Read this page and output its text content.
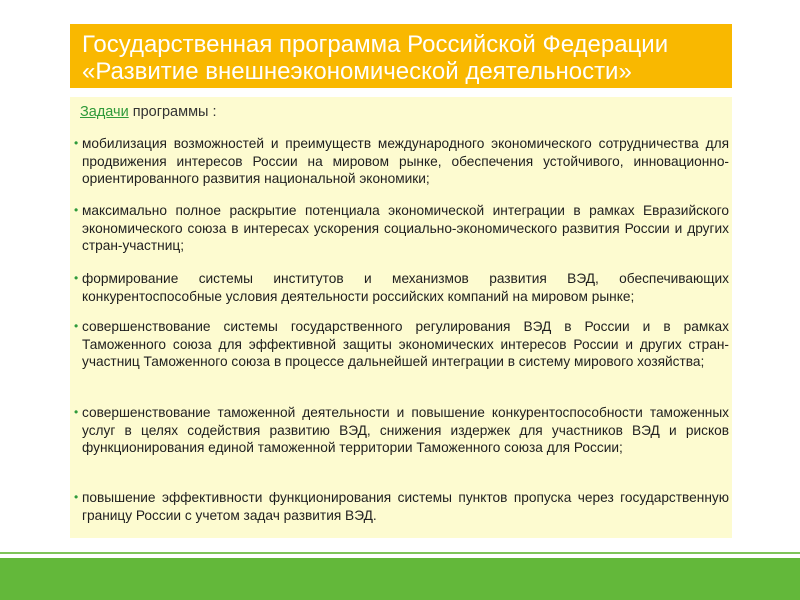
Государственная программа Российской Федерации
«Развитие внешнеэкономической деятельности»
Задачи программы :
• мобилизация возможностей и преимуществ международного экономического сотрудничества для продвижения интересов России на мировом рынке, обеспечения устойчивого, инновационно-ориентированного развития национальной экономики;
• максимально полное раскрытие потенциала экономической интеграции в рамках Евразийского экономического союза в интересах ускорения социально-экономического развития России и других стран-участниц;
• формирование системы институтов и механизмов развития ВЭД, обеспечивающих конкурентоспособные условия деятельности российских компаний на мировом рынке;
• совершенствование системы государственного регулирования ВЭД в России и в рамках Таможенного союза для эффективной защиты экономических интересов России и других стран-участниц Таможенного союза в процессе дальнейшей интеграции в систему мирового хозяйства;
• совершенствование таможенной деятельности и повышение конкурентоспособности таможенных услуг в целях содействия развитию ВЭД, снижения издержек для участников ВЭД и рисков функционирования единой таможенной территории Таможенного союза для России;
• повышение эффективности функционирования системы пунктов пропуска через государственную границу России с учетом задач развития ВЭД.
